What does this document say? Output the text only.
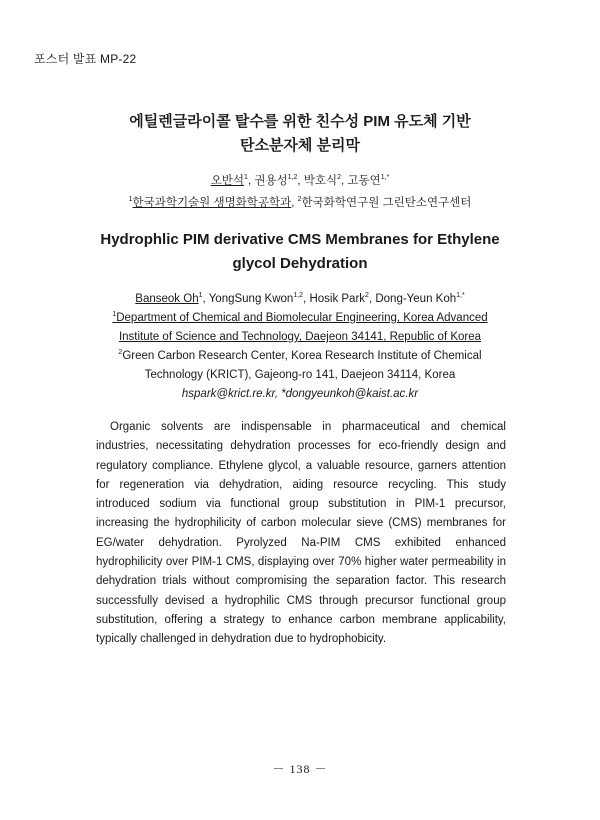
포스터 발표 MP-22
에틸렌글라이콜 탈수를 위한 친수성 PIM 유도체 기반
탄소분자체 분리막
오반석$^1$, 권용성$^{1,2}$, 박호식$^2$, 고동연$^{1,*}$
$^1$한국과학기술원 생명화학공학과, $^2$한국화학연구원 그린탄소연구센터
Hydrophlic PIM derivative CMS Membranes for Ethylene
glycol Dehydration
Banseok Oh$^1$, YongSung Kwon$^{1,2}$, Hosik Park$^2$, Dong-Yeun Koh$^{1,*}$
$^1$Department of Chemical and Biomolecular Engineering, Korea Advanced
Institute of Science and Technology, Daejeon 34141, Republic of Korea
$^2$Green Carbon Research Center, Korea Research Institute of Chemical
Technology (KRICT), Gajeong-ro 141, Daejeon 34114, Korea
hspark@krict.re.kr, *dongyeunkoh@kaist.ac.kr

Organic solvents are indispensable in pharmaceutical and chemical industries, necessitating dehydration processes for eco-friendly design and regulatory compliance. Ethylene glycol, a valuable resource, garners attention for regeneration via dehydration, aiding resource recycling. This study introduced sodium via functional group substitution in PIM-1 precursor, increasing the hydrophilicity of carbon molecular sieve (CMS) membranes for EG/water dehydration. Pyrolyzed Na-PIM CMS exhibited enhanced hydrophilicity over PIM-1 CMS, displaying over 70% higher water permeability in dehydration trials without compromising the separation factor. This research successfully devised a hydrophilic CMS through precursor functional group substitution, offering a strategy to enhance carbon membrane applicability, typically challenged in dehydration due to hydrophobicity.

－ 138 －
